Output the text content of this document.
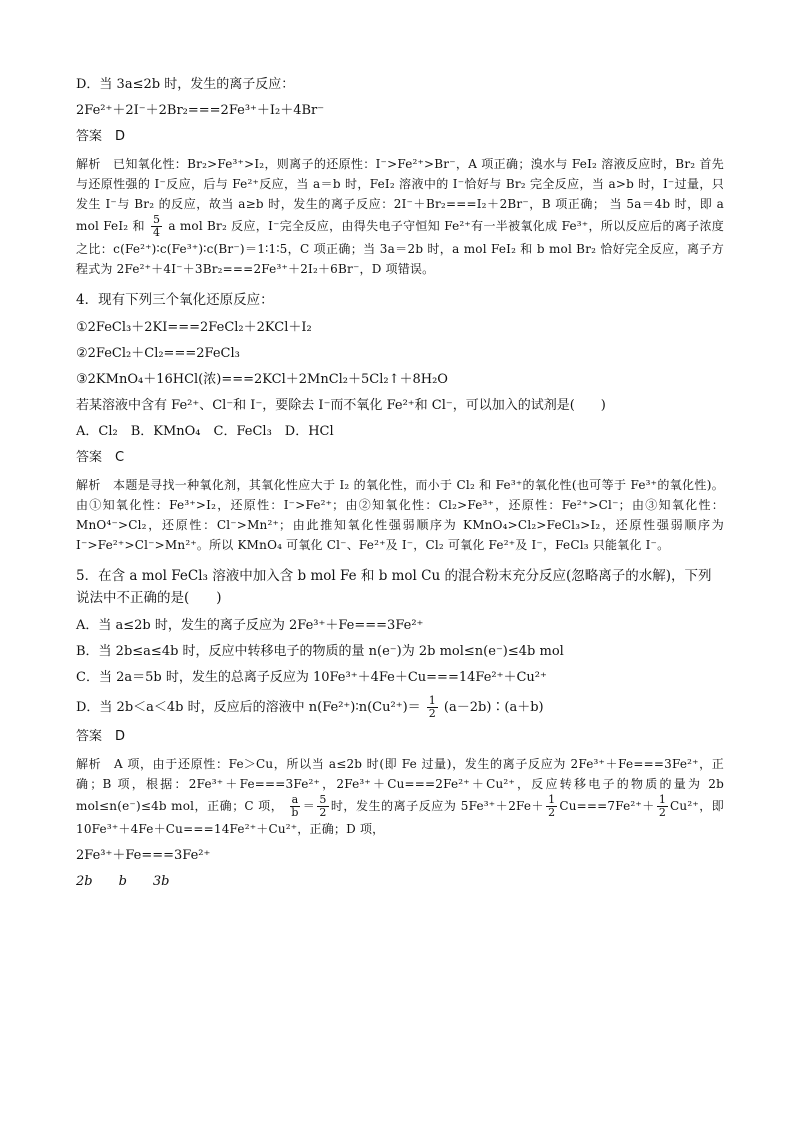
D．当 3a≤2b 时，发生的离子反应：

2Fe²⁺＋2I⁻＋2Br₂===2Fe³⁺＋I₂＋4Br⁻

答案　D

解析　已知氧化性：Br₂>Fe³⁺>I₂，则离子的还原性：I⁻>Fe²⁺>Br⁻，A 项正确；溴水与 FeI₂ 溶液反应时，Br₂ 首先与还原性强的 I⁻反应，后与 Fe²⁺反应，当 a＝b 时，FeI₂ 溶液中的 I⁻恰好与 Br₂ 完全反应，当 a>b 时，I⁻过量，只发生 I⁻与 Br₂ 的反应，故当 a≥b 时，发生的离子反应：2I⁻＋Br₂===I₂＋2Br⁻，B 项正确； 当 5a＝4b 时，即 a mol FeI₂ 和 $\frac{5}{4}$ a mol Br₂ 反应，I⁻完全反应，由得失电子守恒知 Fe²⁺有一半被氧化成 Fe³⁺，所以反应后的离子浓度之比：c(Fe²⁺)∶c(Fe³⁺)∶c(Br⁻)＝1∶1∶5，C 项正确；当 3a＝2b 时，a mol FeI₂ 和 b mol Br₂ 恰好完全反应，离子方程式为 2Fe²⁺＋4I⁻＋3Br₂===2Fe³⁺＋2I₂＋6Br⁻，D 项错误。

4．现有下列三个氧化还原反应：

①2FeCl₃＋2KI===2FeCl₂＋2KCl＋I₂

②2FeCl₂＋Cl₂===2FeCl₃

③2KMnO₄＋16HCl(浓)===2KCl＋2MnCl₂＋5Cl₂↑＋8H₂O

若某溶液中含有 Fe²⁺、Cl⁻和 I⁻，要除去 I⁻而不氧化 Fe²⁺和 Cl⁻，可以加入的试剂是(　　)

A．Cl₂　B．KMnO₄　C．FeCl₃　D．HCl

答案　C

解析　本题是寻找一种氧化剂，其氧化性应大于 I₂ 的氧化性，而小于 Cl₂ 和 Fe³⁺的氧化性(也可等于 Fe³⁺的氧化性)。由①知氧化性：Fe³⁺>I₂，还原性：I⁻>Fe²⁺；由②知氧化性：Cl₂>Fe³⁺，还原性：Fe²⁺>Cl⁻；由③知氧化性：MnO⁴⁻>Cl₂，还原性：Cl⁻>Mn²⁺；由此推知氧化性强弱顺序为 KMnO₄>Cl₂>FeCl₃>I₂，还原性强弱顺序为 I⁻>Fe²⁺>Cl⁻>Mn²⁺。所以 KMnO₄ 可氧化 Cl⁻、Fe²⁺及 I⁻，Cl₂ 可氧化 Fe²⁺及 I⁻，FeCl₃ 只能氧化 I⁻。

5．在含 a mol FeCl₃ 溶液中加入含 b mol Fe 和 b mol Cu 的混合粉末充分反应(忽略离子的水解)，下列说法中不正确的是(　　)

A．当 a≤2b 时，发生的离子反应为 2Fe³⁺＋Fe===3Fe²⁺

B．当 2b≤a≤4b 时，反应中转移电子的物质的量 n(e⁻)为 2b mol≤n(e⁻)≤4b mol

C．当 2a＝5b 时，发生的总离子反应为 10Fe³⁺＋4Fe＋Cu===14Fe²⁺＋Cu²⁺

D．当 2b＜a＜4b 时，反应后的溶液中 n(Fe²⁺)∶n(Cu²⁺)＝ $\frac{1}{2}$ (a－2b)∶(a＋b)

答案　D

解析　A 项，由于还原性：Fe＞Cu，所以当 a≤2b 时(即 Fe 过量)，发生的离子反应为 2Fe³⁺＋Fe===3Fe²⁺，正确；B 项，根据：2Fe³⁺＋Fe===3Fe²⁺，2Fe³⁺＋Cu===2Fe²⁺＋Cu²⁺，反应转移电子的物质的量为 2b mol≤n(e⁻)≤4b mol，正确；C 项， $\frac{a}{b} = \frac{5}{2}$ 时，发生的离子反应为 $5Fe^{3+}+2Fe+ \frac{1}{2} Cu===7Fe^{2+}+ \frac{1}{2} Cu^{2+}$，即 10Fe³⁺＋4Fe＋Cu===14Fe²⁺＋Cu²⁺，正确；D 项，

2Fe³⁺＋Fe===3Fe²⁺

2b　　b　　3b
